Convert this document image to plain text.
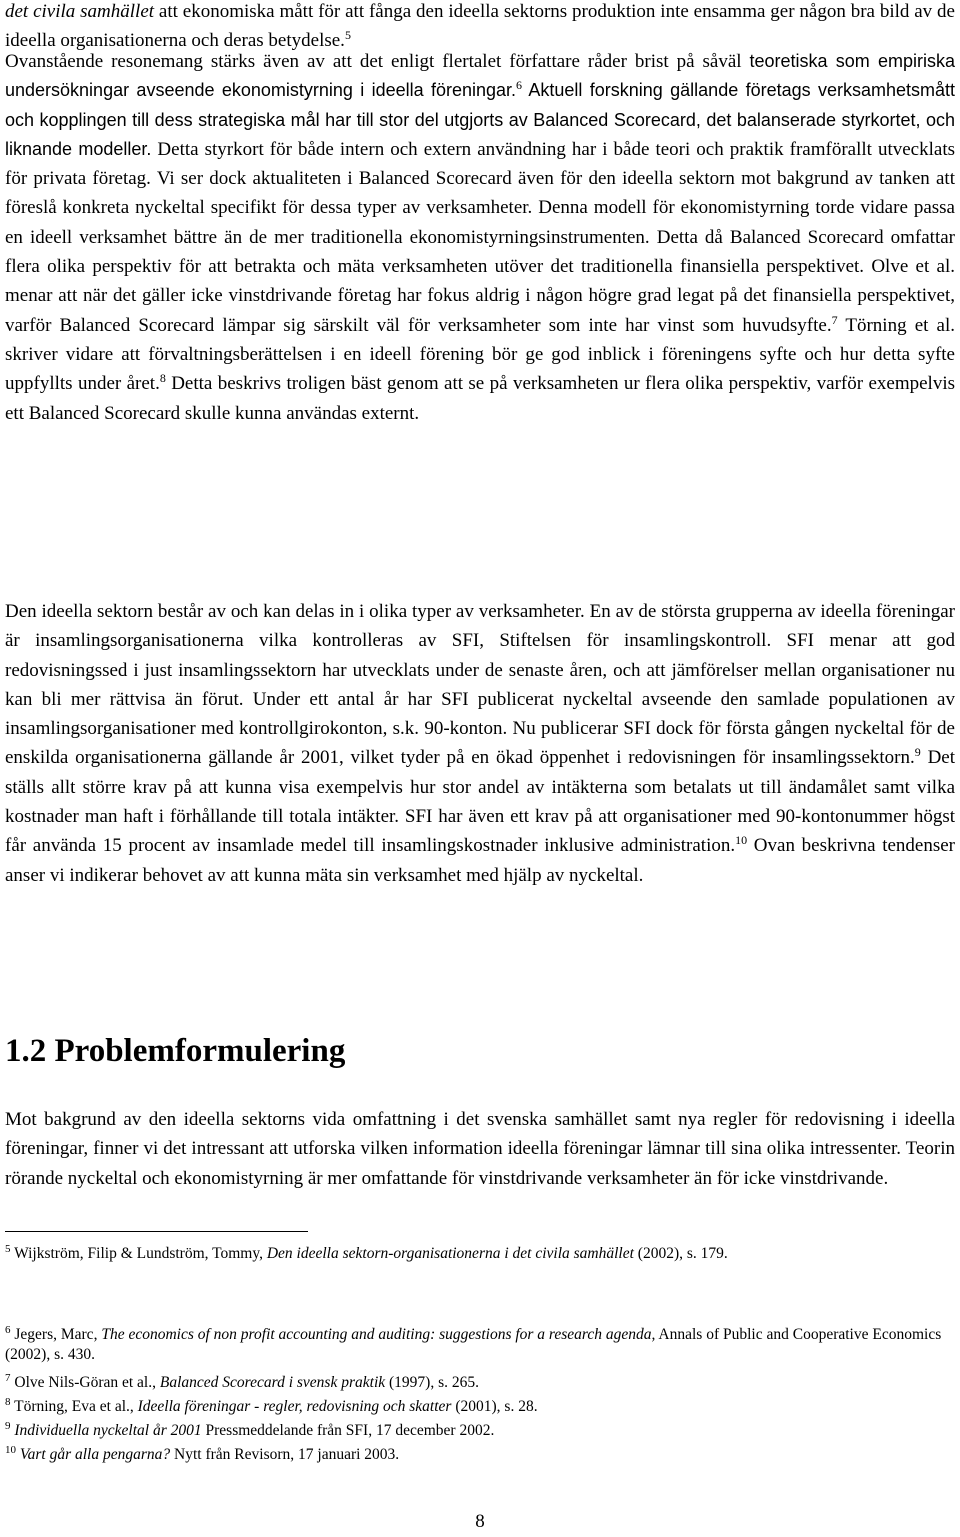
det civila samhället att ekonomiska mått för att fånga den ideella sektorns produktion inte ensamma ger någon bra bild av de ideella organisationerna och deras betydelse.$^5$

Ovanstående resonemang stärks även av att det enligt flertalet författare råder brist på såväl teoretiska som empiriska undersökningar avseende ekonomistyrning i ideella föreningar.$^6$ Aktuell forskning gällande företags verksamhetsmått och kopplingen till dess strategiska mål har till stor del utgjorts av Balanced Scorecard, det balanserade styrkortet, och liknande modeller. Detta styrkort för både intern och extern användning har i både teori och praktik framförallt utvecklats för privata företag. Vi ser dock aktualiteten i Balanced Scorecard även för den ideella sektorn mot bakgrund av tanken att föreslå konkreta nyckeltal specifikt för dessa typer av verksamheter. Denna modell för ekonomistyrning torde vidare passa en ideell verksamhet bättre än de mer traditionella ekonomistyrningsinstrumenten. Detta då Balanced Scorecard omfattar flera olika perspektiv för att betrakta och mäta verksamheten utöver det traditionella finansiella perspektivet. Olve et al. menar att när det gäller icke vinstdrivande företag har fokus aldrig i någon högre grad legat på det finansiella perspektivet, varför Balanced Scorecard lämpar sig särskilt väl för verksamheter som inte har vinst som huvudsyfte.$^7$ Törning et al. skriver vidare att förvaltningsberättelsen i en ideell förening bör ge god inblick i föreningens syfte och hur detta syfte uppfyllts under året.$^8$ Detta beskrivs troligen bäst genom att se på verksamheten ur flera olika perspektiv, varför exempelvis ett Balanced Scorecard skulle kunna användas externt.

Den ideella sektorn består av och kan delas in i olika typer av verksamheter. En av de största grupperna av ideella föreningar är insamlingsorganisationerna vilka kontrolleras av SFI, Stiftelsen för insamlingskontroll. SFI menar att god redovisningssed i just insamlingssektorn har utvecklats under de senaste åren, och att jämförelser mellan organisationer nu kan bli mer rättvisa än förut. Under ett antal år har SFI publicerat nyckeltal avseende den samlade populationen av insamlingsorganisationer med kontrollgirokonton, s.k. 90-konton. Nu publicerar SFI dock för första gången nyckeltal för de enskilda organisationerna gällande år 2001, vilket tyder på en ökad öppenhet i redovisningen för insamlingssektorn.$^9$ Det ställs allt större krav på att kunna visa exempelvis hur stor andel av intäkterna som betalats ut till ändamålet samt vilka kostnader man haft i förhållande till totala intäkter. SFI har även ett krav på att organisationer med 90-kontonummer högst får använda 15 procent av insamlade medel till insamlingskostnader inklusive administration.$^{10}$ Ovan beskrivna tendenser anser vi indikerar behovet av att kunna mäta sin verksamhet med hjälp av nyckeltal.

1.2 Problemformulering

Mot bakgrund av den ideella sektorns vida omfattning i det svenska samhället samt nya regler för redovisning i ideella föreningar, finner vi det intressant att utforska vilken information ideella föreningar lämnar till sina olika intressenter. Teorin rörande nyckeltal och ekonomistyrning är mer omfattande för vinstdrivande verksamheter än för icke vinstdrivande.

$^5$ Wijkström, Filip & Lundström, Tommy, Den ideella sektorn-organisationerna i det civila samhället (2002), s. 179.

$^6$ Jegers, Marc, The economics of non profit accounting and auditing: suggestions for a research agenda, Annals of Public and Cooperative Economics (2002), s. 430.

$^7$ Olve Nils-Göran et al., Balanced Scorecard i svensk praktik (1997), s. 265.

$^8$ Törning, Eva et al., Ideella föreningar - regler, redovisning och skatter (2001), s. 28.

$^9$ Individuella nyckeltal år 2001 Pressmeddelande från SFI, 17 december 2002.

$^{10}$ Vart går alla pengarna? Nytt från Revisorn, 17 januari 2003.

8
